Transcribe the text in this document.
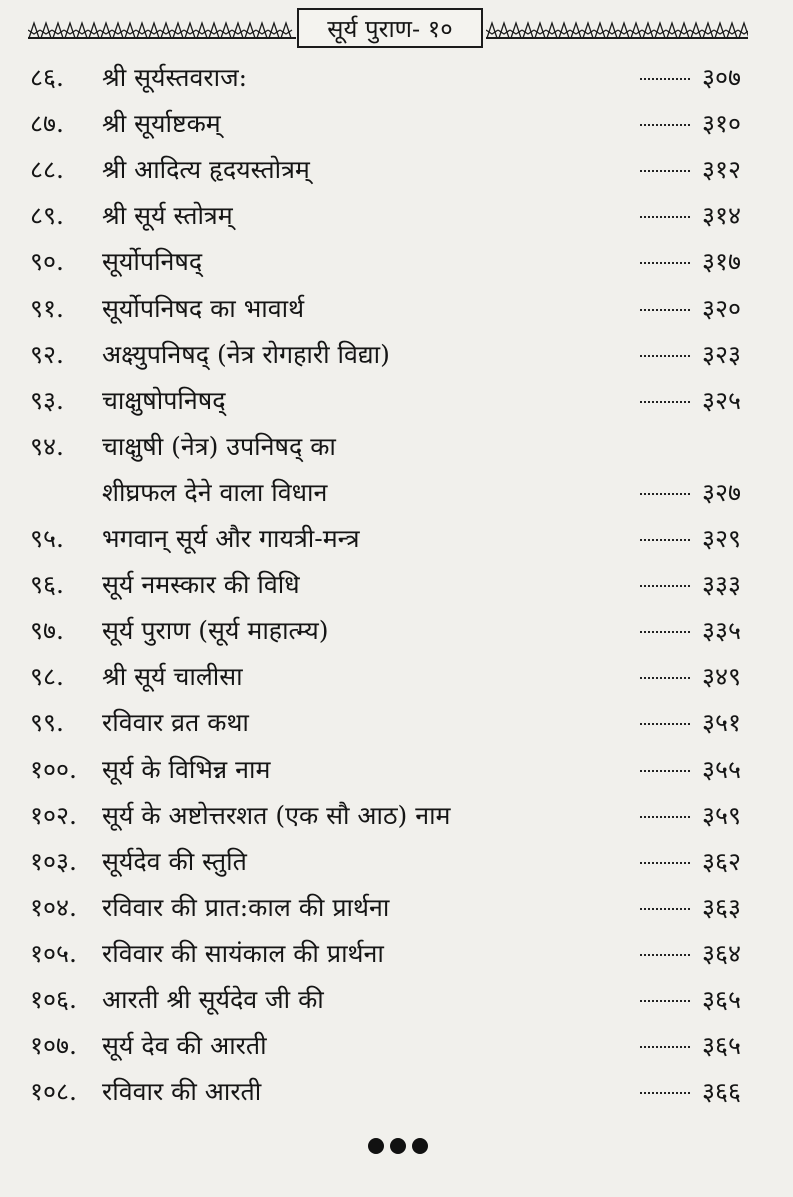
सूर्य पुराण- १०
८६. श्री सूर्यस्तवराज:	३०७
८७. श्री सूर्याष्टकम्	३१०
८८. श्री आदित्य हृदयस्तोत्रम्	३१२
८९. श्री सूर्य स्तोत्रम्	३१४
९०. सूर्योपनिषद्	३१७
९१. सूर्योपनिषद का भावार्थ	३२०
९२. अक्ष्युपनिषद् (नेत्र रोगहारी विद्या)	३२३
९३. चाक्षुषोपनिषद्	३२५
९४. चाक्षुषी (नेत्र) उपनिषद् का
शीघ्रफल देने वाला विधान	३२७
९५. भगवान् सूर्य और गायत्री-मन्त्र	३२९
९६. सूर्य नमस्कार की विधि	३३३
९७. सूर्य पुराण (सूर्य माहात्म्य)	३३५
९८. श्री सूर्य चालीसा	३४९
९९. रविवार व्रत कथा	३५१
१००. सूर्य के विभिन्न नाम	३५५
१०२. सूर्य के अष्टोत्तरशत (एक सौ आठ) नाम	३५९
१०३. सूर्यदेव की स्तुति	३६२
१०४. रविवार की प्रात:काल की प्रार्थना	३६३
१०५. रविवार की सायंकाल की प्रार्थना	३६४
१०६. आरती श्री सूर्यदेव जी की	३६५
१०७. सूर्य देव की आरती	३६५
१०८. रविवार की आरती	३६६
